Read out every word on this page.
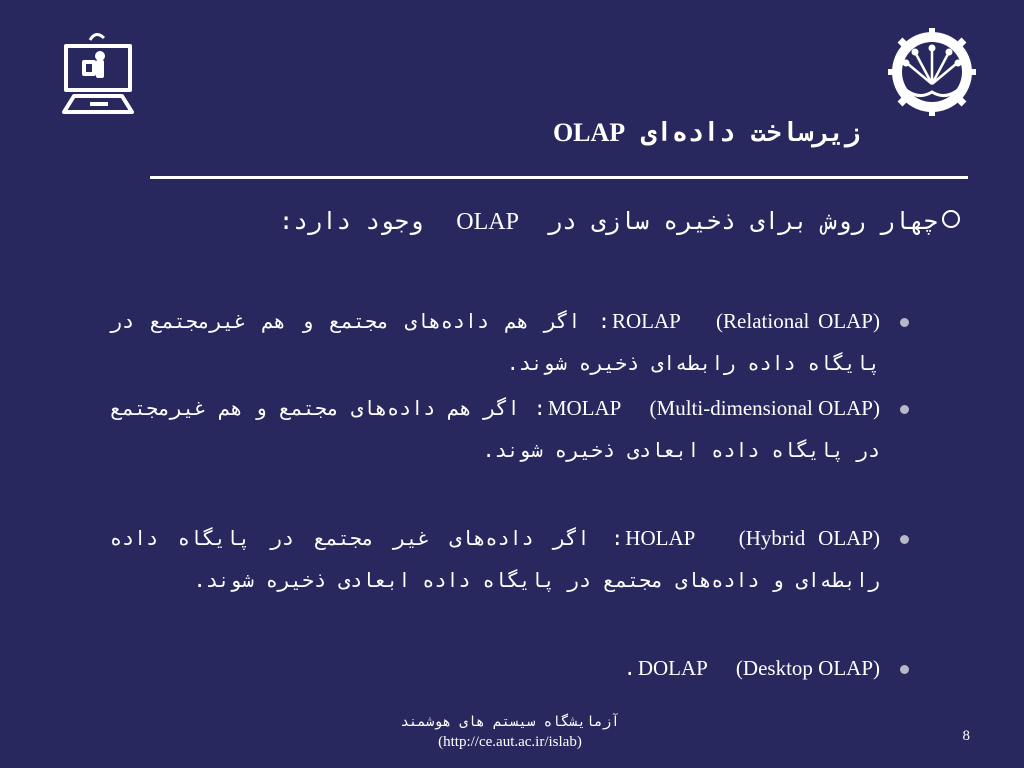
زیرساخت داده‌ای OLAP
چهار روش برای ذخیره سازی در  OLAP  وجود دارد:
ROLAP (Relational OLAP): اگر هم داده‌های مجتمع و هم غیرمجتمع در پایگاه داده رابطه‌ای ذخیره شوند.
MOLAP (Multi-dimensional OLAP): اگر هم داده‌های مجتمع و هم غیرمجتمع در پایگاه داده ابعادی ذخیره شوند.
HOLAP (Hybrid OLAP): اگر داده‌های غیر مجتمع در پایگاه داده رابطه‌ای و داده‌های مجتمع در پایگاه داده ابعادی ذخیره شوند.
DOLAP (Desktop OLAP).
آزمایشگاه سیستم های هوشمند
(http://ce.aut.ac.ir/islab)	8
